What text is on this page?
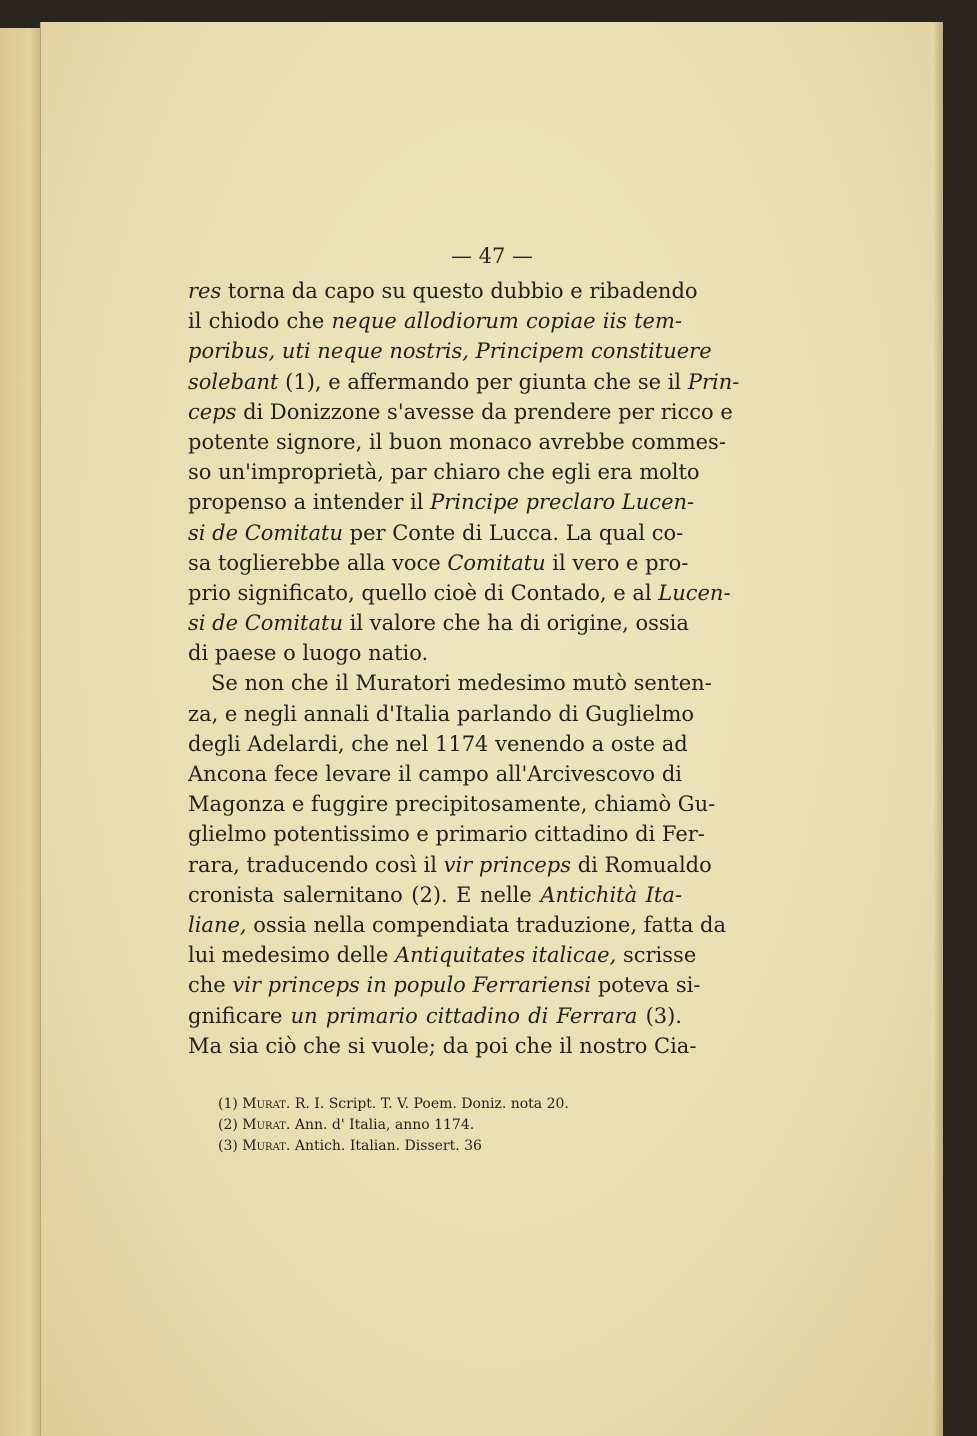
— 47 —
res torna da capo su questo dubbio e ribadendo
il chiodo che neque allodiorum copiae iis tem-
poribus, uti neque nostris, Principem constituere
solebant (1), e affermando per giunta che se il Prin-
ceps di Donizzone s'avesse da prendere per ricco e
potente signore, il buon monaco avrebbe commes-
so un'improprietà, par chiaro che egli era molto
propenso a intender il Principe preclaro Lucen-
si de Comitatu per Conte di Lucca. La qual co-
sa toglierebbe alla voce Comitatu il vero e pro-
prio significato, quello cioè di Contado, e al Lucen-
si de Comitatu il valore che ha di origine, ossia
di paese o luogo natio.
Se non che il Muratori medesimo mutò senten-
za, e negli annali d'Italia parlando di Guglielmo
degli Adelardi, che nel 1174 venendo a oste ad
Ancona fece levare il campo all'Arcivescovo di
Magonza e fuggire precipitosamente, chiamò Gu-
glielmo potentissimo e primario cittadino di Fer-
rara, traducendo così il vir princeps di Romualdo
cronista salernitano (2). E nelle Antichità Ita-
liane, ossia nella compendiata traduzione, fatta da
lui medesimo delle Antiquitates italicae, scrisse
che vir princeps in populo Ferrariensi poteva si-
gnificare un primario cittadino di Ferrara (3).
Ma sia ciò che si vuole; da poi che il nostro Cia-
(1) Murat. R. I. Script. T. V. Poem. Doniz. nota 20.
(2) Murat. Ann. d' Italia, anno 1174.
(3) Murat. Antich. Italian. Dissert. 36
